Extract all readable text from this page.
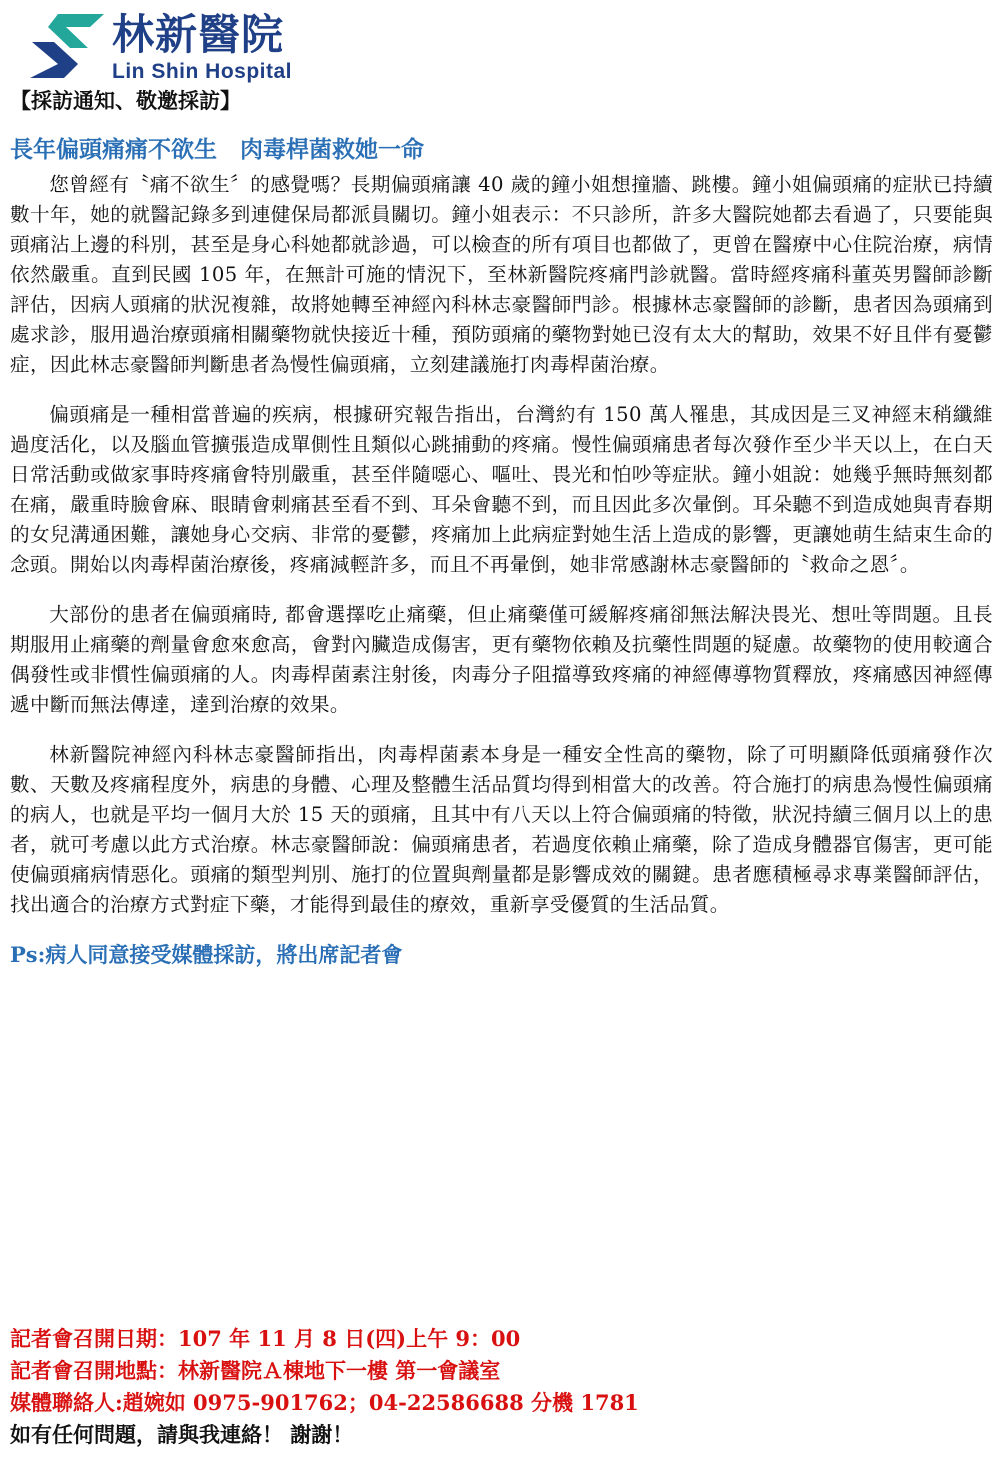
林新醫院
Lin Shin Hospital
【採訪通知、敬邀採訪】
長年偏頭痛痛不欲生　肉毒桿菌救她一命

您曾經有〝痛不欲生〞的感覺嗎？長期偏頭痛讓 40 歲的鐘小姐想撞牆、跳樓。鐘小姐偏頭痛的症狀已持續數十年，她的就醫記錄多到連健保局都派員關切。鐘小姐表示：不只診所，許多大醫院她都去看過了，只要能與頭痛沾上邊的科別，甚至是身心科她都就診過，可以檢查的所有項目也都做了，更曾在醫療中心住院治療，病情依然嚴重。直到民國 105 年，在無計可施的情況下，至林新醫院疼痛門診就醫。當時經疼痛科董英男醫師診斷評估，因病人頭痛的狀況複雜，故將她轉至神經內科林志豪醫師門診。根據林志豪醫師的診斷，患者因為頭痛到處求診，服用過治療頭痛相關藥物就快接近十種，預防頭痛的藥物對她已沒有太大的幫助，效果不好且伴有憂鬱症，因此林志豪醫師判斷患者為慢性偏頭痛，立刻建議施打肉毒桿菌治療。

偏頭痛是一種相當普遍的疾病，根據研究報告指出，台灣約有 150 萬人罹患，其成因是三叉神經末稍纖維過度活化，以及腦血管擴張造成單側性且類似心跳捕動的疼痛。慢性偏頭痛患者每次發作至少半天以上，在白天日常活動或做家事時疼痛會特別嚴重，甚至伴隨噁心、嘔吐、畏光和怕吵等症狀。鐘小姐說：她幾乎無時無刻都在痛，嚴重時臉會麻、眼睛會刺痛甚至看不到、耳朵會聽不到，而且因此多次暈倒。耳朵聽不到造成她與青春期的女兒溝通困難，讓她身心交病、非常的憂鬱，疼痛加上此病症對她生活上造成的影響，更讓她萌生結束生命的念頭。開始以肉毒桿菌治療後，疼痛減輕許多，而且不再暈倒，她非常感謝林志豪醫師的〝救命之恩〞。

大部份的患者在偏頭痛時, 都會選擇吃止痛藥，但止痛藥僅可緩解疼痛卻無法解決畏光、想吐等問題。且長期服用止痛藥的劑量會愈來愈高，會對內臟造成傷害，更有藥物依賴及抗藥性問題的疑慮。故藥物的使用較適合偶發性或非慣性偏頭痛的人。肉毒桿菌素注射後，肉毒分子阻擋導致疼痛的神經傳導物質釋放，疼痛感因神經傳遞中斷而無法傳達，達到治療的效果。

林新醫院神經內科林志豪醫師指出，肉毒桿菌素本身是一種安全性高的藥物，除了可明顯降低頭痛發作次數、天數及疼痛程度外，病患的身體、心理及整體生活品質均得到相當大的改善。符合施打的病患為慢性偏頭痛的病人，也就是平均一個月大於 15 天的頭痛，且其中有八天以上符合偏頭痛的特徵，狀況持續三個月以上的患者，就可考慮以此方式治療。林志豪醫師說：偏頭痛患者，若過度依賴止痛藥，除了造成身體器官傷害，更可能使偏頭痛病情惡化。頭痛的類型判別、施打的位置與劑量都是影響成效的關鍵。患者應積極尋求專業醫師評估，找出適合的治療方式對症下藥，才能得到最佳的療效，重新享受優質的生活品質。

Ps:病人同意接受媒體採訪，將出席記者會

記者會召開日期：107 年 11 月 8 日(四)上午 9：00
記者會召開地點：林新醫院Ａ棟地下一樓 第一會議室
媒體聯絡人:趙婉如 0975-901762；04-22586688 分機 1781
如有任何問題，請與我連絡！ 謝謝！
